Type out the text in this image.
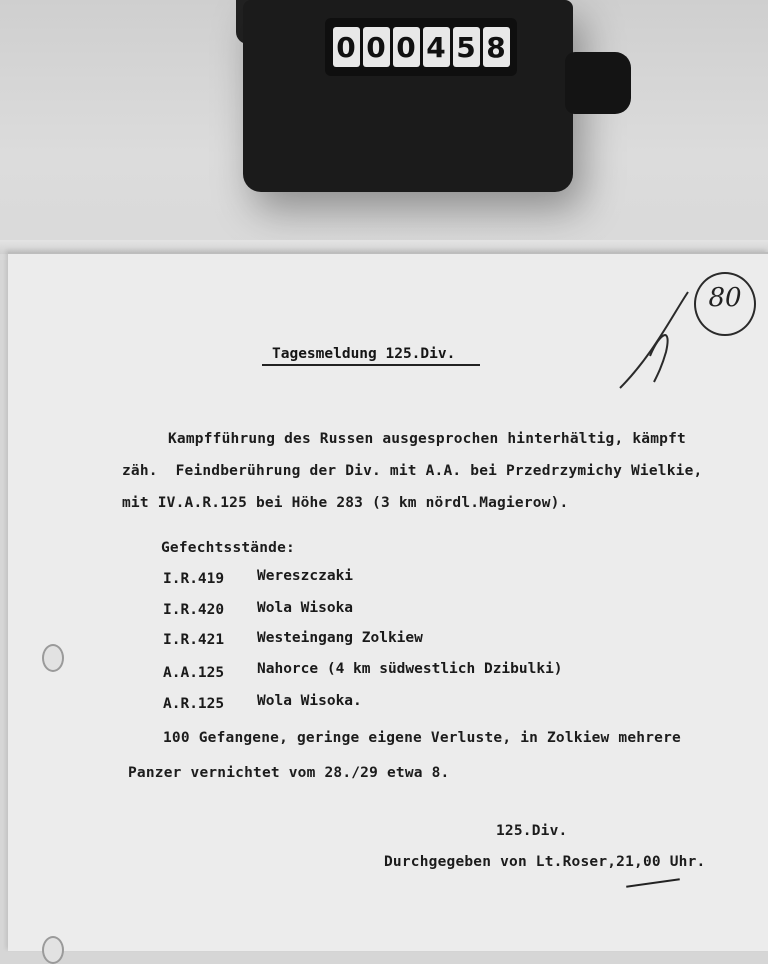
0 0 0 4 5 8
80
Tagesmeldung 125.Div.
Kampfführung des Russen ausgesprochen hinterhältig, kämpft
zäh.  Feindberührung der Div. mit A.A. bei Przedrzymichy Wielkie,
mit IV.A.R.125 bei Höhe 283 (3 km nördl.Magierow).
Gefechtsstände:
I.R.419 Wereszczaki
I.R.420 Wola Wisoka
I.R.421 Westeingang Zolkiew
A.A.125 Nahorce (4 km südwestlich Dzibulki)
A.R.125 Wola Wisoka.
100 Gefangene, geringe eigene Verluste, in Zolkiew mehrere
Panzer vernichtet vom 28./29 etwa 8.
125.Div.
Durchgegeben von Lt.Roser,21,00 Uhr.
